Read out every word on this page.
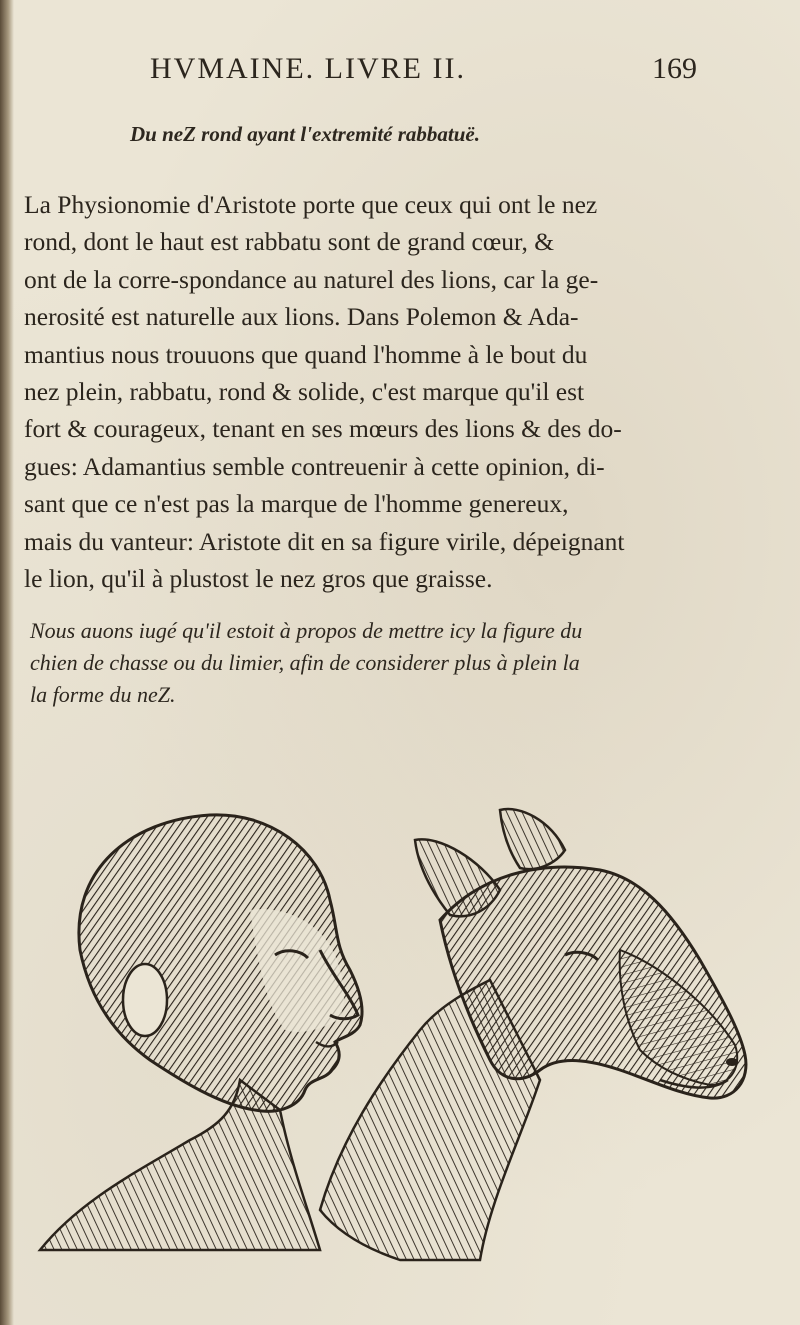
HVMAINE. LIVRE II.	169
Du neZ rond ayant l'extremité rabbatuë.
La Physionomie d'Aristote porte que ceux qui ont le nez
rond, dont le haut est rabbatu sont de grand cœur, &
ont de la corre-spondance au naturel des lions, car la ge-
nerosité est naturelle aux lions. Dans Polemon & Ada-
mantius nous trouuons que quand l'homme à le bout du
nez plein, rabbatu, rond & solide, c'est marque qu'il est
fort & courageux, tenant en ses mœurs des lions & des do-
gues: Adamantius semble contreuenir à cette opinion, di-
sant que ce n'est pas la marque de l'homme genereux,
mais du vanteur: Aristote dit en sa figure virile, dépeignant
le lion, qu'il à plustost le nez gros que graisse.
Nous auons iugé qu'il estoit à propos de mettre icy la figure du
chien de chasse ou du limier, afin de considerer plus à plein la
la forme du neZ.
